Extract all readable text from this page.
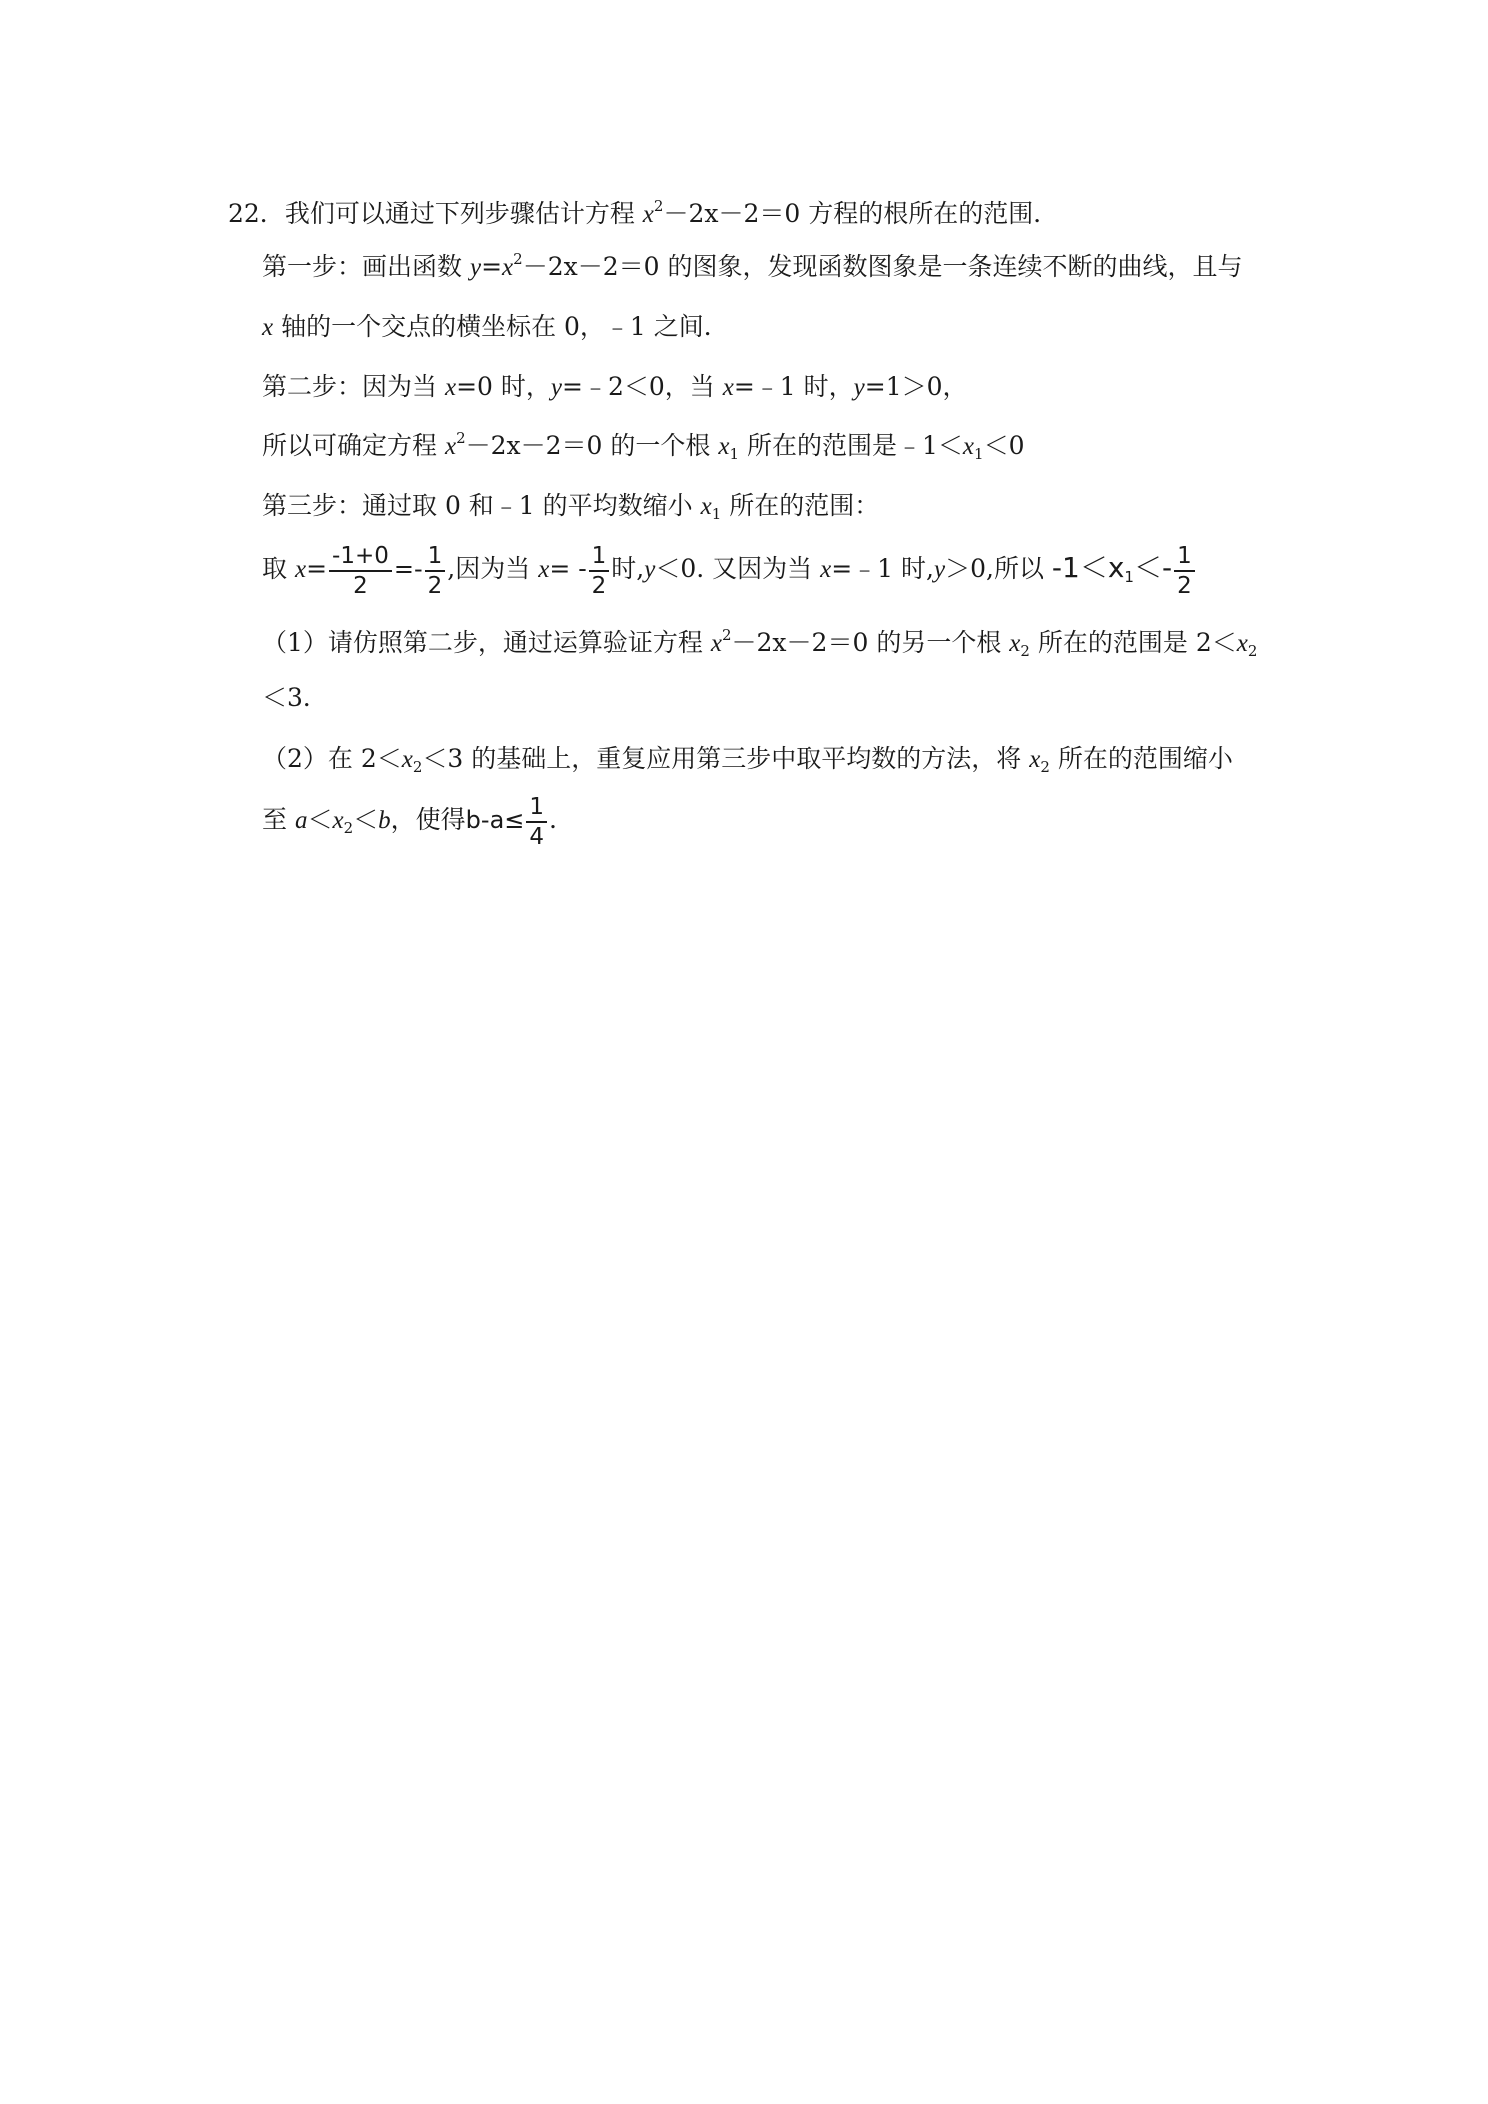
22．我们可以通过下列步骤估计方程 $x^2-2x-2=0$ 方程的根所在的范围．
第一步：画出函数 $y=x^2-2x-2=0$ 的图象，发现函数图象是一条连续不断的曲线，且与
x 轴的一个交点的横坐标在 0，﹣1 之间．
第二步：因为当 x=0 时，y=﹣2＜0，当 x=﹣1 时，y=1＞0，
所以可确定方程 $x^2-2x-2=0$ 的一个根 $x_1$ 所在的范围是$﹣1<x_1<0$
第三步：通过取 0 和﹣1 的平均数缩小 $x_1$ 所在的范围：
取 $x= \frac{-1+0}{2} =- \frac{1}{2}$ ,因为当 $x= - \frac{1}{2}$ 时,y＜0. 又因为当 x=﹣1 时,y＞0,所以 $-1<x_1<- \frac{1}{2}$
（1）请仿照第二步，通过运算验证方程 $x^2-2x-2=0$ 的另一个根 $x_2$ 所在的范围是 $2<x_2$
＜3．
（2）在 $2<x_2<3$ 的基础上，重复应用第三步中取平均数的方法，将 $x_2$ 所在的范围缩小
至 $a<x_2<b$，使得$b-a\le \frac{1}{4}$ .
